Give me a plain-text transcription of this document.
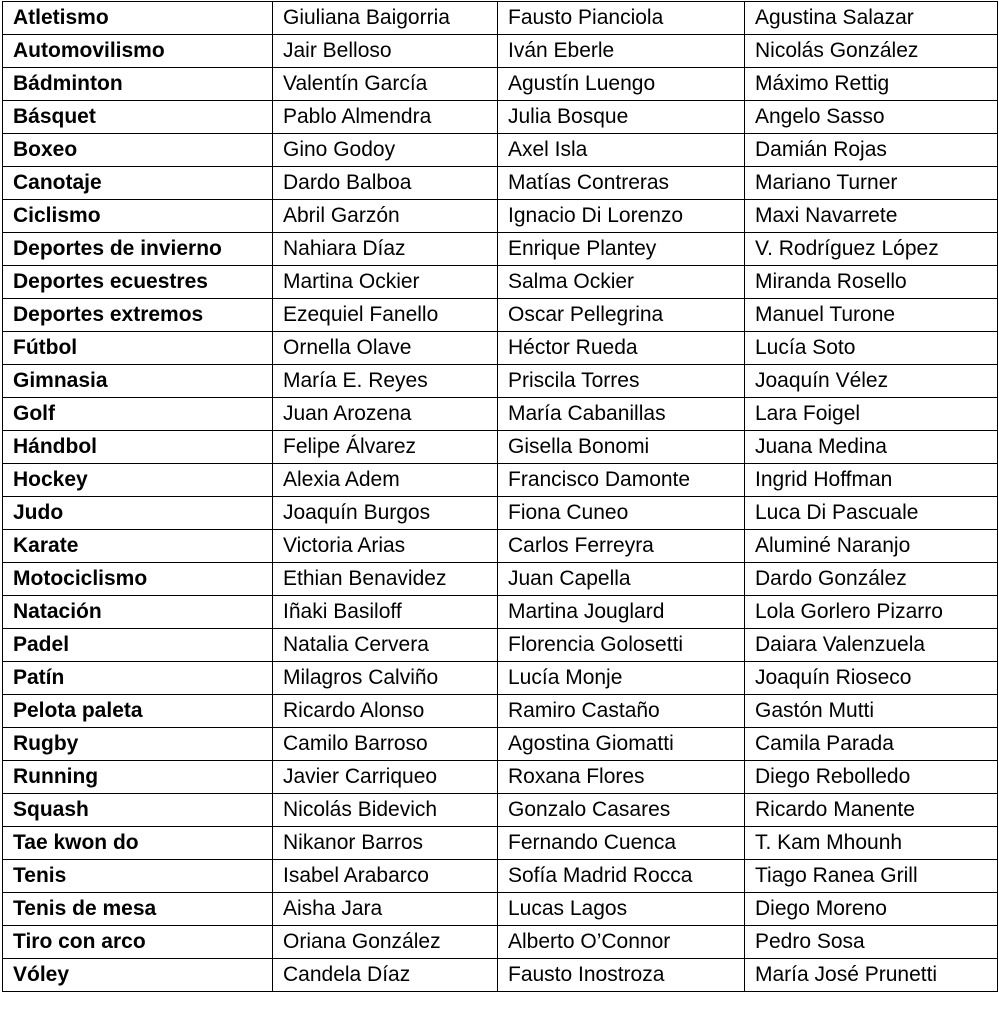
Atletismo	Giuliana Baigorria	Fausto Pianciola	Agustina Salazar
Automovilismo	Jair Belloso	Iván Eberle	Nicolás González
Bádminton	Valentín García	Agustín Luengo	Máximo Rettig
Básquet	Pablo Almendra	Julia Bosque	Angelo Sasso
Boxeo	Gino Godoy	Axel Isla	Damián Rojas
Canotaje	Dardo Balboa	Matías Contreras	Mariano Turner
Ciclismo	Abril Garzón	Ignacio Di Lorenzo	Maxi Navarrete
Deportes de invierno	Nahiara Díaz	Enrique Plantey	V. Rodríguez López
Deportes ecuestres	Martina Ockier	Salma Ockier	Miranda Rosello
Deportes extremos	Ezequiel Fanello	Oscar Pellegrina	Manuel Turone
Fútbol	Ornella Olave	Héctor Rueda	Lucía Soto
Gimnasia	María E. Reyes	Priscila Torres	Joaquín Vélez
Golf	Juan Arozena	María Cabanillas	Lara Foigel
Hándbol	Felipe Álvarez	Gisella Bonomi	Juana Medina
Hockey	Alexia Adem	Francisco Damonte	Ingrid Hoffman
Judo	Joaquín Burgos	Fiona Cuneo	Luca Di Pascuale
Karate	Victoria Arias	Carlos Ferreyra	Aluminé Naranjo
Motociclismo	Ethian Benavidez	Juan Capella	Dardo González
Natación	Iñaki Basiloff	Martina Jouglard	Lola Gorlero Pizarro
Padel	Natalia Cervera	Florencia Golosetti	Daiara Valenzuela
Patín	Milagros Calviño	Lucía Monje	Joaquín Rioseco
Pelota paleta	Ricardo Alonso	Ramiro Castaño	Gastón Mutti
Rugby	Camilo Barroso	Agostina Giomatti	Camila Parada
Running	Javier Carriqueo	Roxana Flores	Diego Rebolledo
Squash	Nicolás Bidevich	Gonzalo Casares	Ricardo Manente
Tae kwon do	Nikanor Barros	Fernando Cuenca	T. Kam Mhounh
Tenis	Isabel Arabarco	Sofía Madrid Rocca	Tiago Ranea Grill
Tenis de mesa	Aisha Jara	Lucas Lagos	Diego Moreno
Tiro con arco	Oriana González	Alberto O’Connor	Pedro Sosa
Vóley	Candela Díaz	Fausto Inostroza	María José Prunetti
